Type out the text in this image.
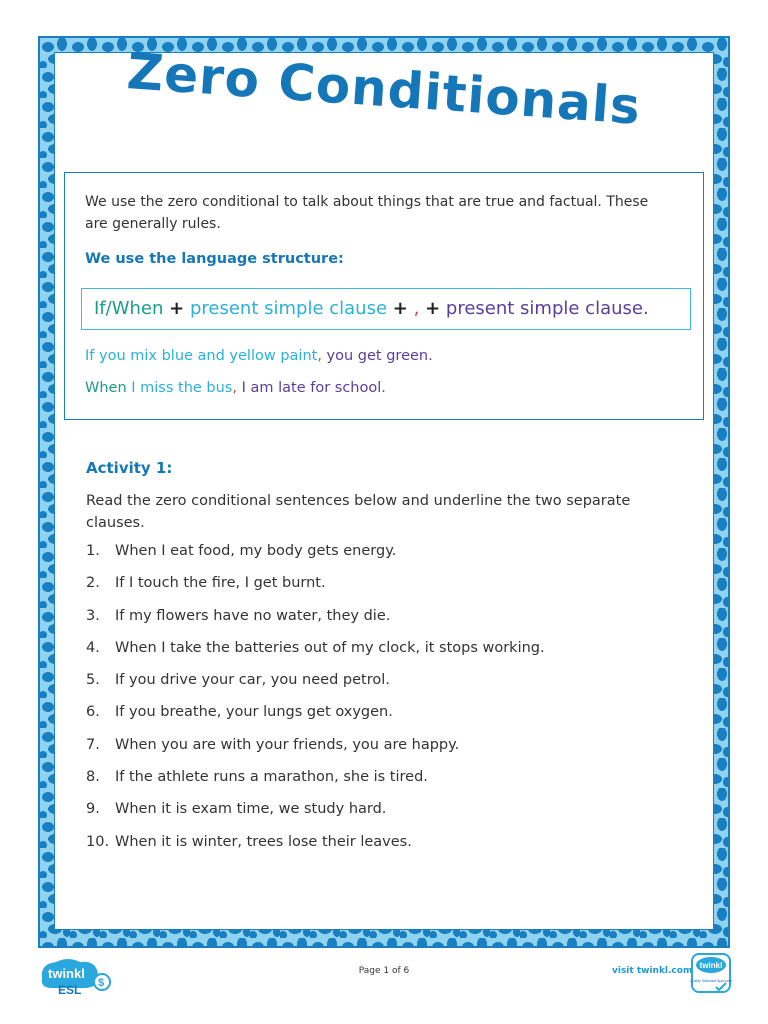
Zero Conditionals
We use the zero conditional to talk about things that are true and factual. These are generally rules.
We use the language structure:
If/When + present simple clause + , + present simple clause.
If you mix blue and yellow paint, you get green.
When I miss the bus, I am late for school.
Activity 1:
Read the zero conditional sentences below and underline the two separate clauses.
1.	When I eat food, my body gets energy.
2.	If I touch the fire, I get burnt.
3.	If my flowers have no water, they die.
4.	When I take the batteries out of my clock, it stops working.
5.	If you drive your car, you need petrol.
6.	If you breathe, your lungs get oxygen.
7.	When you are with your friends, you are happy.
8.	If the athlete runs a marathon, she is tired.
9.	When it is exam time, we study hard.
10. When it is winter, trees lose their leaves.
twinkl
ESL $
Page 1 of 6	visit twinkl.com
twinkl
Quality Standard Approved
